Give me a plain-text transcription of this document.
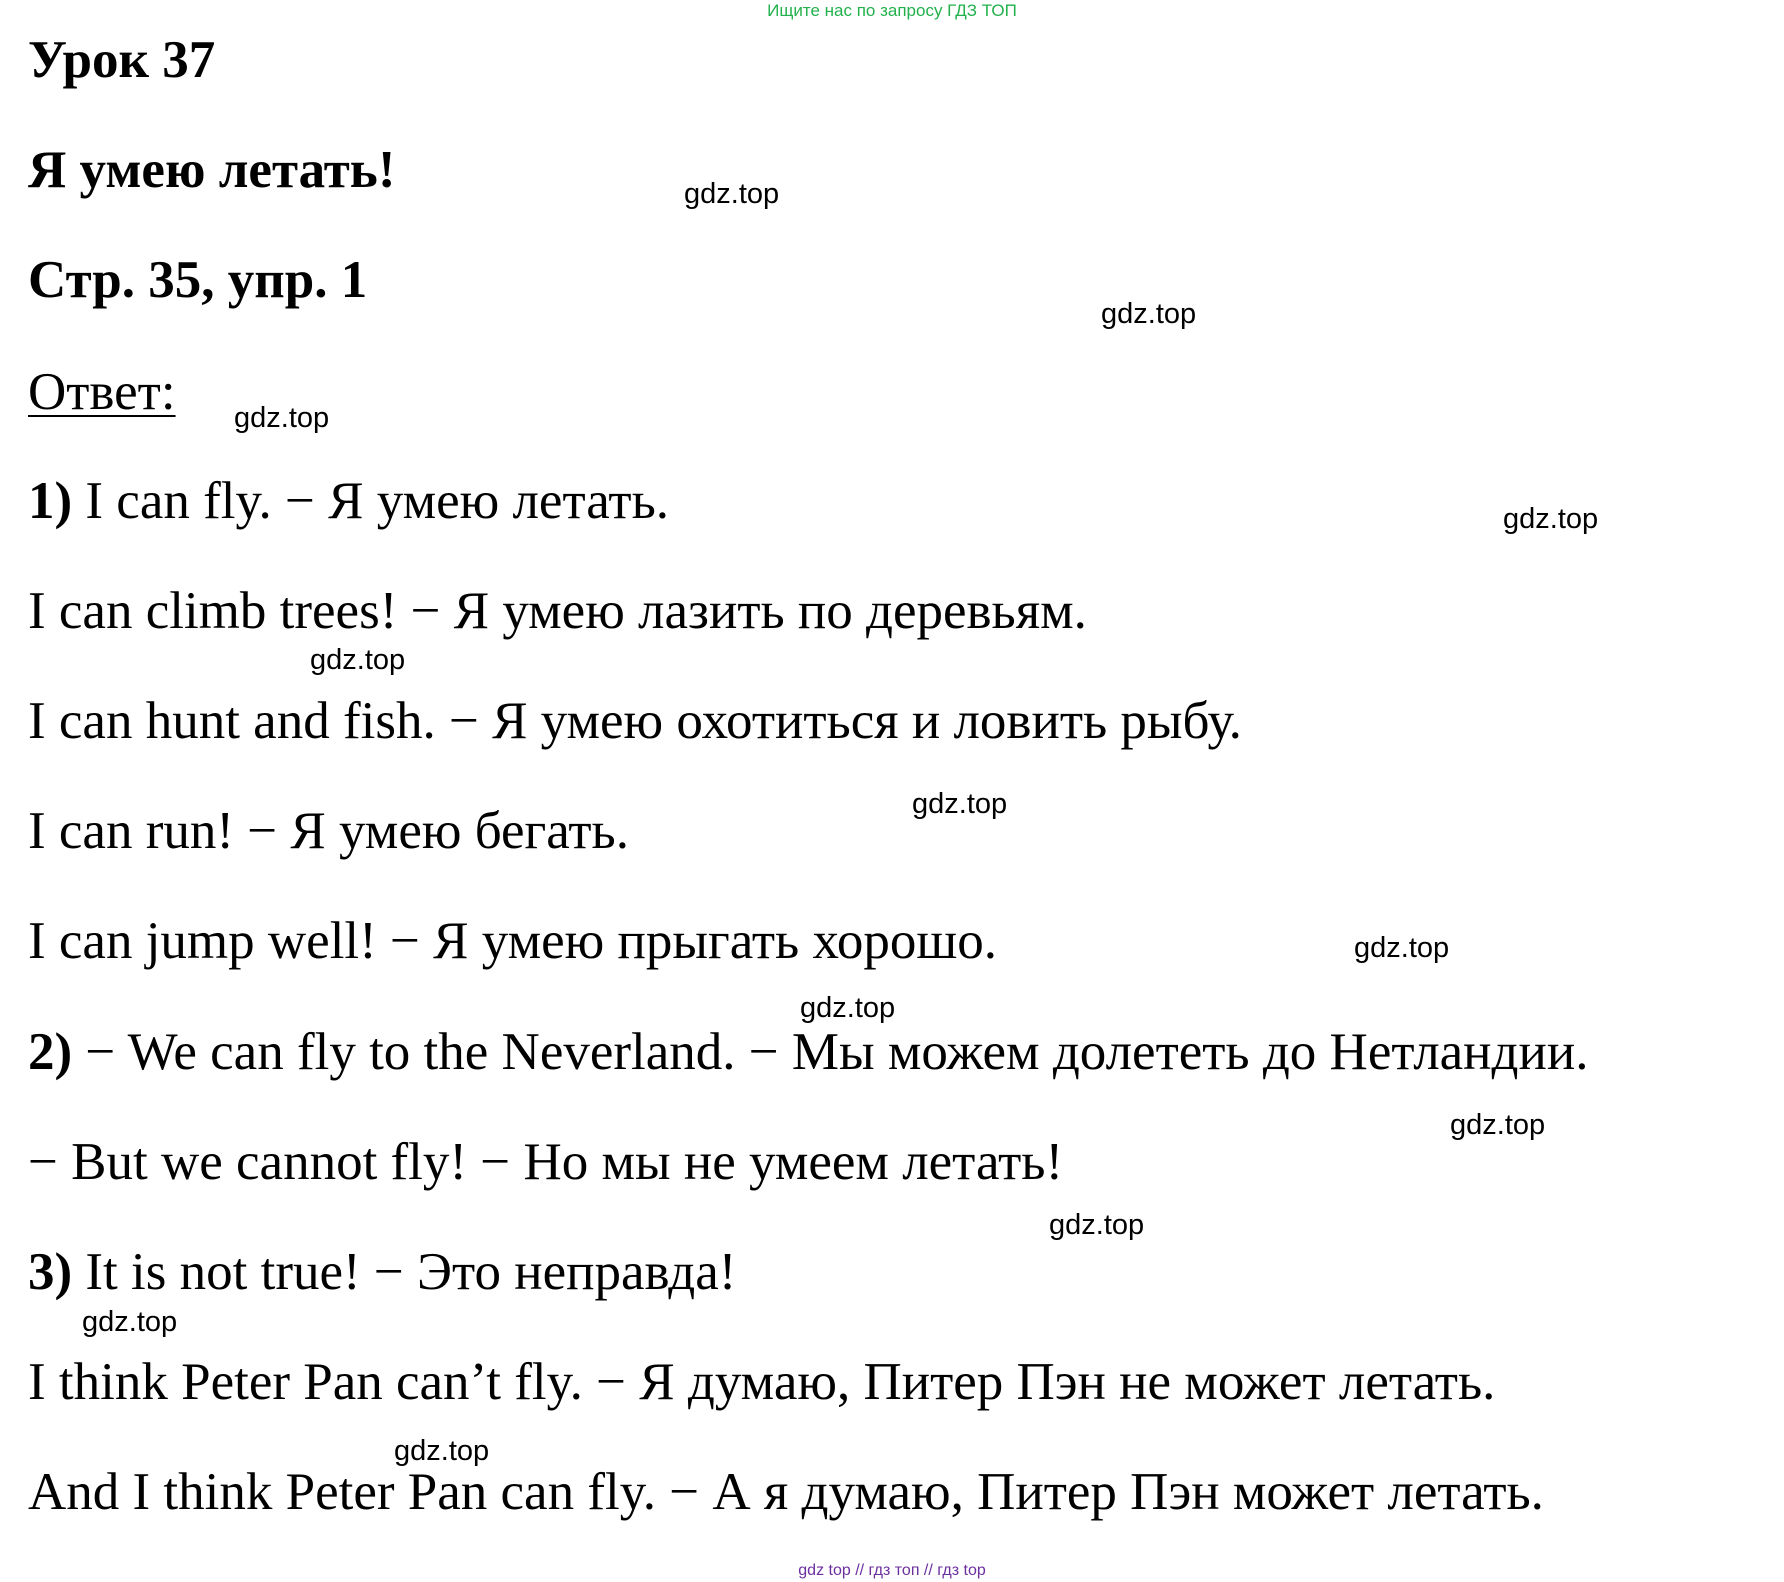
Ищите нас по запросу ГДЗ ТОП
Урок 37
Я умею летать!
Стр. 35, упр. 1
Ответ:
1) I can fly. − Я умею летать.
I can climb trees! − Я умею лазить по деревьям.
I can hunt and fish. − Я умею охотиться и ловить рыбу.
I can run! − Я умею бегать.
I can jump well! − Я умею прыгать хорошо.
2) − We can fly to the Neverland. − Мы можем долететь до Нетландии.
− But we cannot fly! − Но мы не умеем летать!
3) It is not true! − Это неправда!
I think Peter Pan can’t fly. − Я думаю, Питер Пэн не может летать.
And I think Peter Pan can fly. − А я думаю, Питер Пэн может летать.
gdz.top
gdz.top
gdz.top
gdz.top
gdz.top
gdz.top
gdz.top
gdz.top
gdz.top
gdz.top
gdz.top
gdz.top
gdz top // гдз топ // гдз top
